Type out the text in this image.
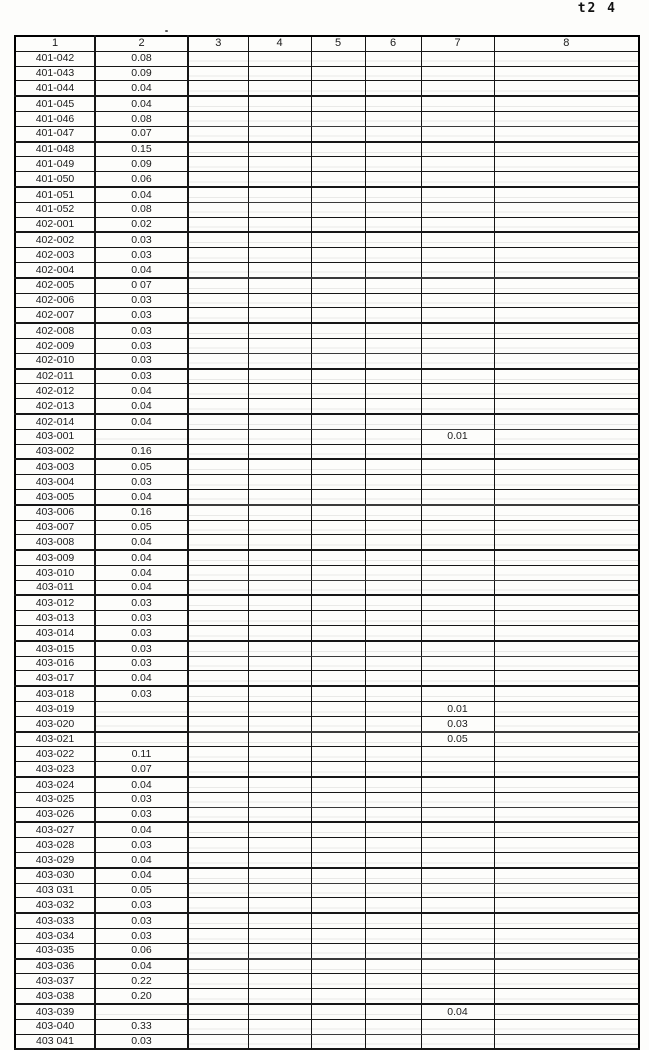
t2 4
1	2	3	4	5	6	7	8
401-042	0.08						
401-043	0.09						
401-044	0.04						
401-045	0.04						
401-046	0.08						
401-047	0.07						
401-048	0.15						
401-049	0.09						
401-050	0.06						
401-051	0.04						
401-052	0.08						
402-001	0.02						
402-002	0.03						
402-003	0.03						
402-004	0.04						
402-005	0 07						
402-006	0.03						
402-007	0.03						
402-008	0.03						
402-009	0.03						
402-010	0.03						
402-011	0.03						
402-012	0.04						
402-013	0.04						
402-014	0.04						
403-001						0.01	
403-002	0.16						
403-003	0.05						
403-004	0.03						
403-005	0.04						
403-006	0.16						
403-007	0.05						
403-008	0.04						
403-009	0.04						
403-010	0.04						
403-011	0.04						
403-012	0.03						
403-013	0.03						
403-014	0.03						
403-015	0.03						
403-016	0.03						
403-017	0.04						
403-018	0.03						
403-019						0.01	
403-020						0.03	
403-021						0.05	
403-022	0.11						
403-023	0.07						
403-024	0.04						
403-025	0.03						
403-026	0.03						
403-027	0.04						
403-028	0.03						
403-029	0.04						
403-030	0.04						
403 031	0.05						
403-032	0.03						
403-033	0.03						
403-034	0.03						
403-035	0.06						
403-036	0.04						
403-037	0.22						
403-038	0.20						
403-039						0.04	
403-040	0.33						
403 041	0.03						
